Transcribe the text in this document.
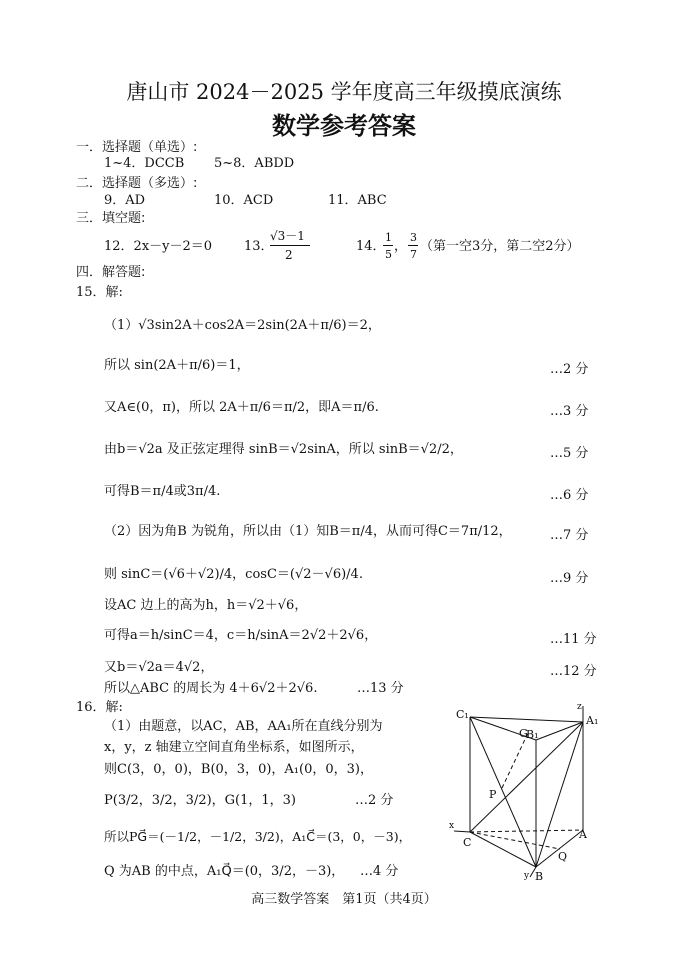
唐山市 2024－2025 学年度高三年级摸底演练
数学参考答案
一．选择题（单选）:
1~4．DCCB 5~8．ABDD
二．选择题（多选）:
9．AD	10．ACD	11．ABC
三．填空题:
12．2x－y－2＝0 13．
√3－1
2
14．
1
5
，
3
7
（第一空3分，第二空2分）
四．解答题:
15．解:
（1）√3sin2A＋cos2A＝2sin(2A＋π/6)＝2，
所以 sin(2A＋π/6)＝1，	…2 分
又A∈(0，π)，所以 2A＋π/6＝π/2，即A＝π/6.	…3 分
由b＝√2a 及正弦定理得 sinB＝√2sinA，所以 sinB＝√2/2，	…5 分
可得B＝π/4或3π/4.	…6 分
（2）因为角B 为锐角，所以由（1）知B＝π/4，从而可得C＝7π/12，	…7 分
则 sinC＝(√6＋√2)/4，cosC＝(√2－√6)/4.	…9 分
设AC 边上的高为h，h＝√2＋√6，
可得a＝h/sinC＝4，c＝h/sinA＝2√2＋2√6，	…11 分
又b＝√2a＝4√2，	…12 分
所以△ABC 的周长为 4＋6√2＋2√6.	…13 分
16．解:
（1）由题意，以AC，AB，AA₁所在直线分别为
x，y，z 轴建立空间直角坐标系，如图所示，
则C(3，0，0)，B(0，3，0)，A₁(0，0，3)，
P(3/2，3/2，3/2)，G(1，1，3)	…2 分
所以PG⃗＝(－1/2，－1/2，3/2)，A₁C⃗＝(3，0，－3)，
Q 为AB 的中点，A₁Q⃗＝(0，3/2，－3)， …4 分
C₁	A₁
B₁
G
P
C
A
B
Q
x
y
z
高三数学答案　第1页（共4页）
